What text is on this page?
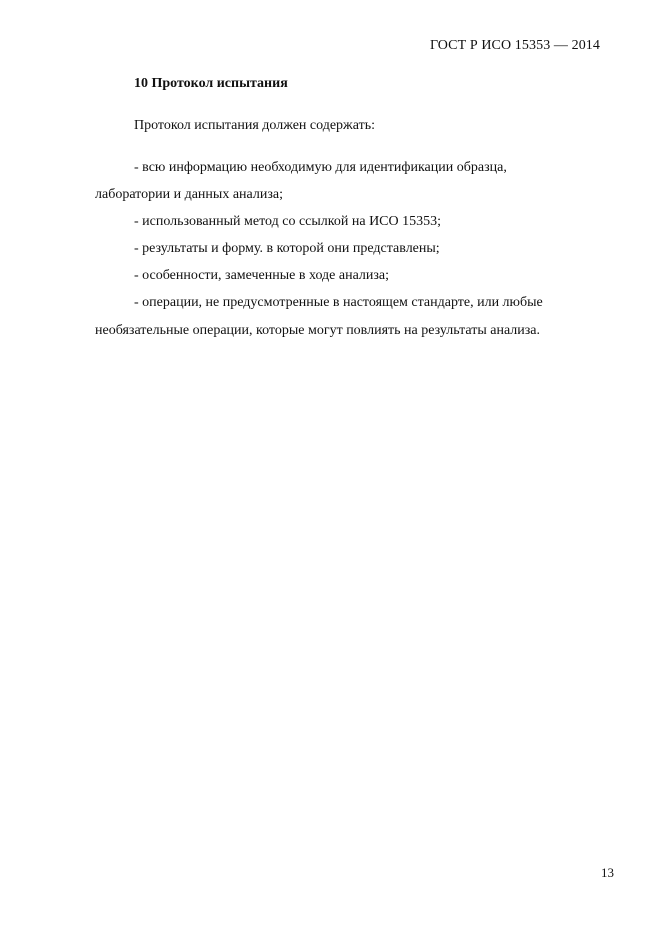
ГОСТ Р ИСО 15353 — 2014
10 Протокол испытания
Протокол испытания должен содержать:
- всю информацию необходимую для идентификации образца,
лаборатории и данных анализа;
- использованный метод со ссылкой на ИСО 15353;
- результаты и форму. в которой они представлены;
- особенности, замеченные в ходе анализа;
- операции, не предусмотренные в настоящем стандарте, или любые
необязательные операции, которые могут повлиять на результаты анализа.
13
